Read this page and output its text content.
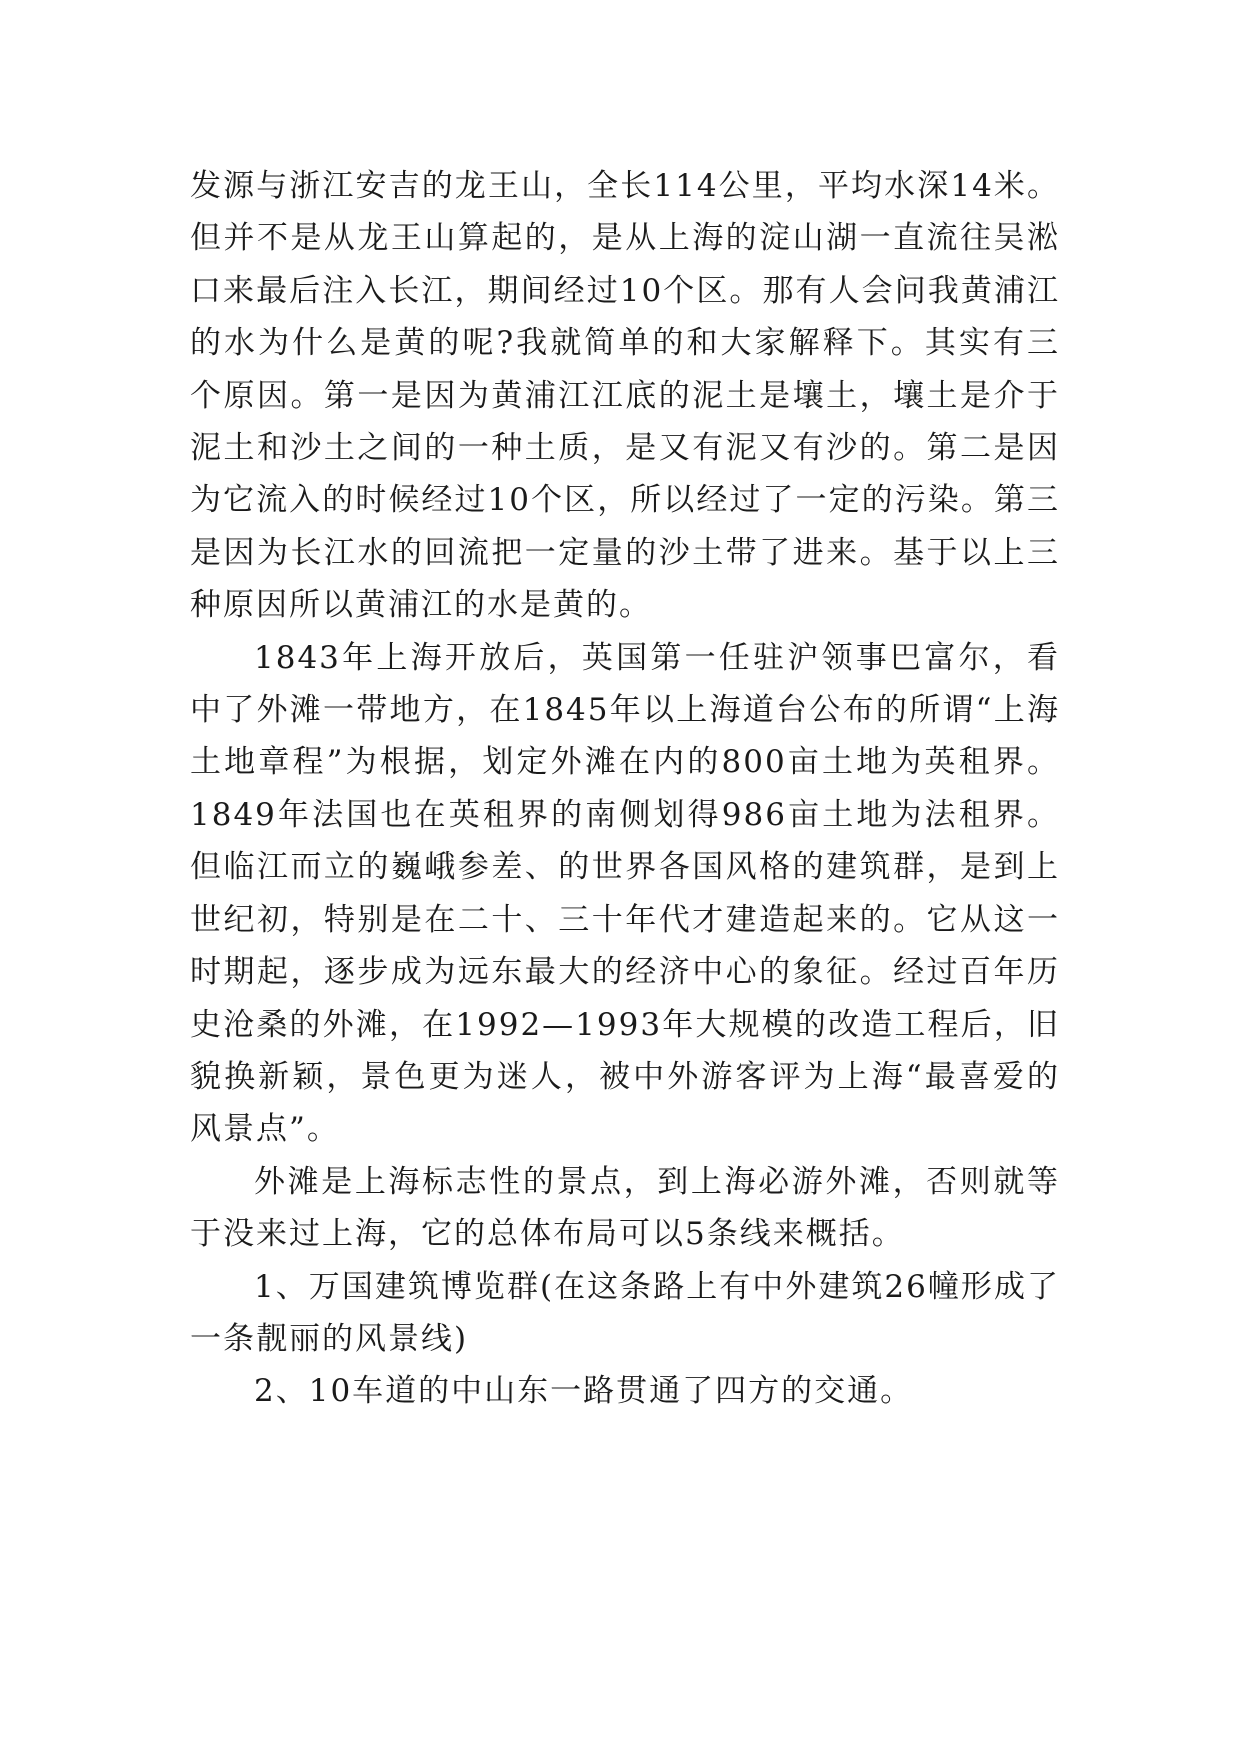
发源与浙江安吉的龙王山，全长114公里，平均水深14米。但并不是从龙王山算起的，是从上海的淀山湖一直流往吴淞口来最后注入长江，期间经过10个区。那有人会问我黄浦江的水为什么是黄的呢?我就简单的和大家解释下。其实有三个原因。第一是因为黄浦江江底的泥土是壤土，壤土是介于泥土和沙土之间的一种土质，是又有泥又有沙的。第二是因为它流入的时候经过10个区，所以经过了一定的污染。第三是因为长江水的回流把一定量的沙土带了进来。基于以上三种原因所以黄浦江的水是黄的。

1843年上海开放后，英国第一任驻沪领事巴富尔，看中了外滩一带地方，在1845年以上海道台公布的所谓“上海土地章程”为根据，划定外滩在内的800亩土地为英租界。1849年法国也在英租界的南侧划得986亩土地为法租界。但临江而立的巍峨参差、的世界各国风格的建筑群，是到上世纪初，特别是在二十、三十年代才建造起来的。它从这一时期起，逐步成为远东最大的经济中心的象征。经过百年历史沧桑的外滩，在1992—1993年大规模的改造工程后，旧貌换新颖，景色更为迷人，被中外游客评为上海“最喜爱的风景点”。

外滩是上海标志性的景点，到上海必游外滩，否则就等于没来过上海，它的总体布局可以5条线来概括。

1、万国建筑博览群(在这条路上有中外建筑26幢形成了一条靓丽的风景线)

2、10车道的中山东一路贯通了四方的交通。
